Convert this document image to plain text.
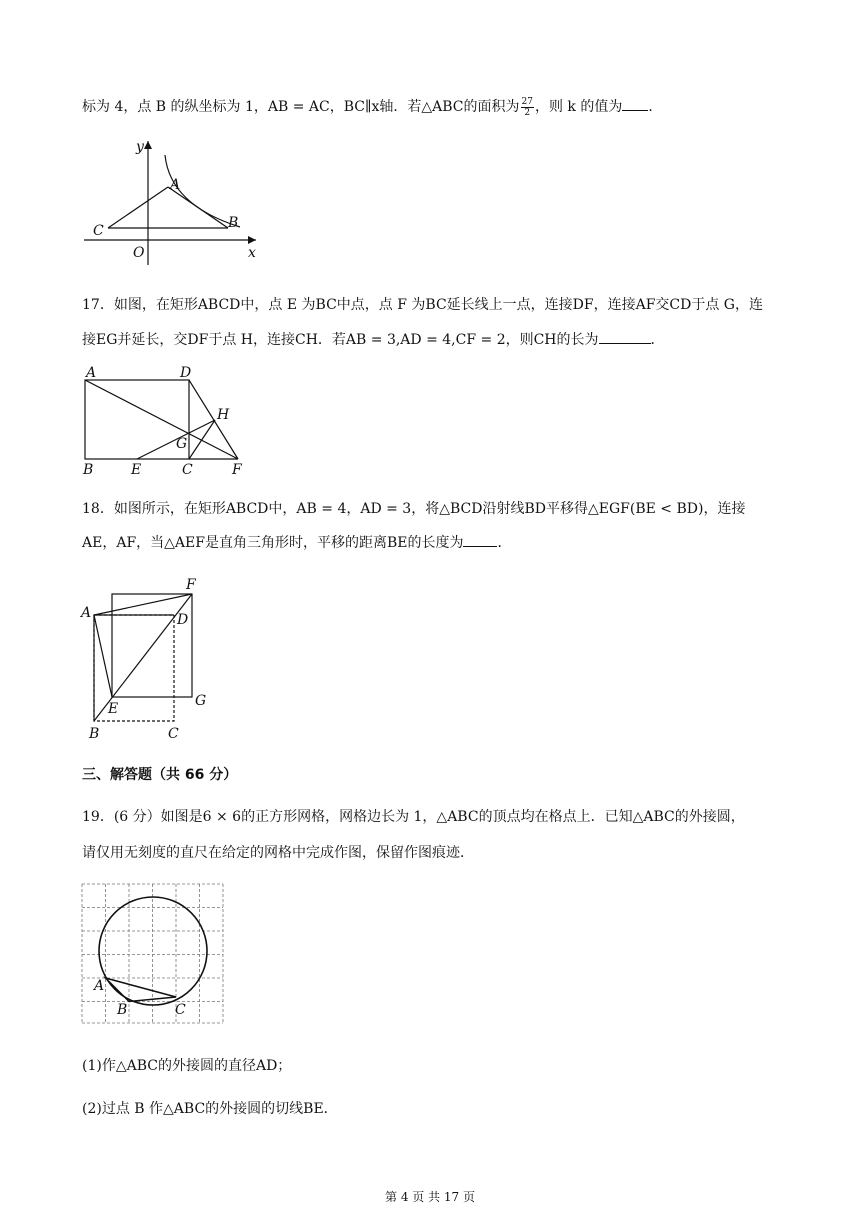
标为 4，点 B 的纵坐标为 1，AB = AC，BC∥x轴．若△ABC的面积为 $\frac{27}{2}$ ，则 k 的值为 ．
y
A
B
C
O	x
17．如图，在矩形ABCD中，点 E 为BC中点，点 F 为BC延长线上一点，连接DF，连接AF交CD于点 G，连
接EG并延长，交DF于点 H，连接CH．若AB = 3,AD = 4,CF = 2，则CH的长为	．
A	D
H
G
B	E	C	F
18．如图所示，在矩形ABCD中，AB = 4，AD = 3，将△BCD沿射线BD平移得△EGF(BE < BD)，连接
AE，AF，当△AEF是直角三角形时，平移的距离BE的长度为 ．
F
A	D
G
E
B	C
三、解答题（共 66 分）
19．(6 分）如图是6 × 6的正方形网格，网格边长为 1，△ABC的顶点均在格点上．已知△ABC的外接圆，
请仅用无刻度的直尺在给定的网格中完成作图，保留作图痕迹．
A
B	C
(1)作△ABC的外接圆的直径AD；
(2)过点 B 作△ABC的外接圆的切线BE．
第 4 页 共 17 页
